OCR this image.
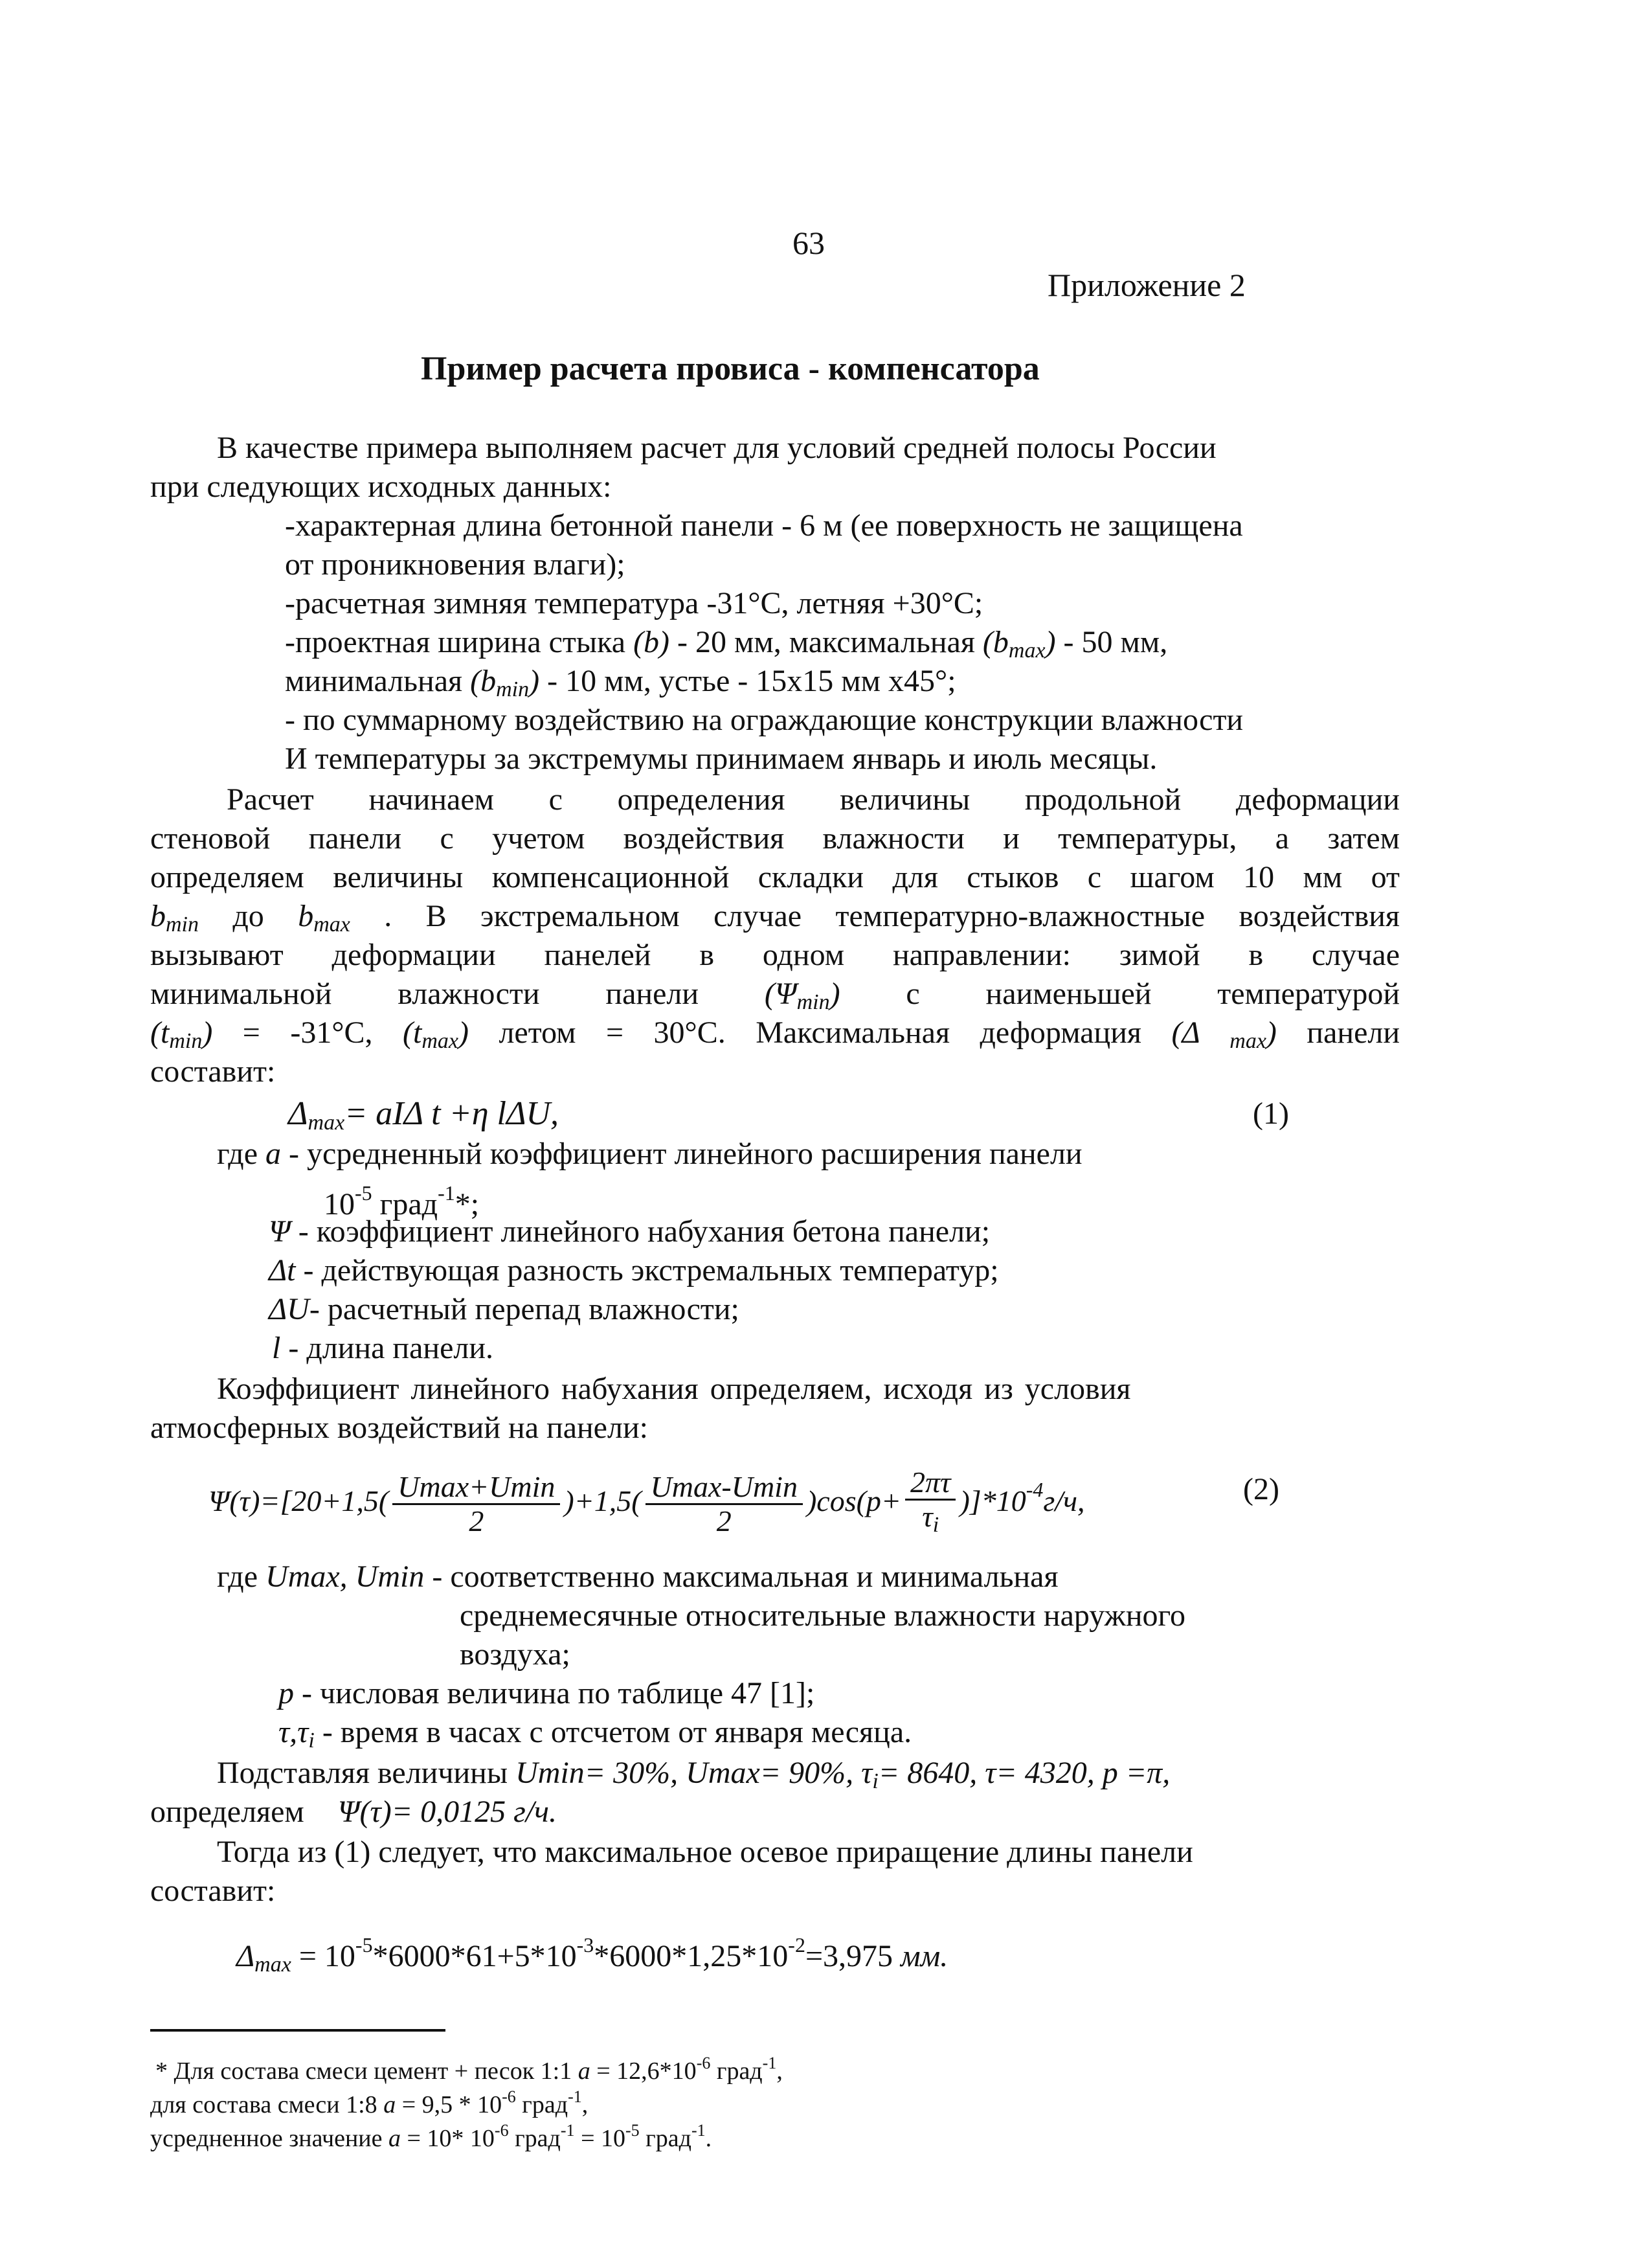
63
Приложение 2
Пример расчета провиса - компенсатора
В качестве примера выполняем расчет для условий средней полосы России
при следующих исходных данных:
-характерная длина бетонной панели - 6 м (ее поверхность не защищена
от проникновения влаги);
-расчетная зимняя температура -31°С, летняя +30°С;
-проектная ширина стыка (b) - 20 мм, максимальная $(b_{max}) - 50$ мм,
минимальная $(b_{min}) - 10$ мм, устье - 15х15 мм х45°;
- по суммарному воздействию на ограждающие конструкции влажности
И температуры за экстремумы принимаем январь и июль месяцы.
Расчет начинаем с определения величины продольной деформации
стеновой панели с учетом воздействия влажности и температуры, а затем
определяем величины компенсационной складки для стыков с шагом 10 мм от
$b_{min}$ до $b_{max}$ . В экстремальном случае температурно-влажностные воздействия
вызывают деформации панелей в одном направлении: зимой в случае
минимальной влажности панели $(\Psi_{min})$ с наименьшей температурой
$(t_{min}) = -31^\circ С$, $(t_{max})$ летом = 30°С. Максимальная деформация (Δ $_{max}$) панели
составит:
$\Delta_{max}= aI\Delta$ t +η lΔU,	(1)
где a - усредненный коэффициент линейного расширения панели
$10^{-5}$ град$^{-1}$*;
Ψ - коэффициент линейного набухания бетона панели;
Δt - действующая разность экстремальных температур;
ΔU- расчетный перепад влажности;
l - длина панели.
Коэффициент линейного набухания определяем, исходя из условия
атмосферных воздействий на панели:
$\Psi(\tau)=[20+1,5( \frac{Umax+Umin}{2} )+1,5( \frac{Umax-Umin}{2} )\cos(p+ \frac{2\pi\tau}{\tau_i} )]*10^{-4}г/ч$,	(2)
где Umax, Umin - соответственно максимальная и минимальная
среднемесячные относительные влажности наружного
воздуха;
p - числовая величина по таблице 47 [1];
$\tau,\tau_i$ - время в часах с отсчетом от января месяца.
Подставляя величины Umin= 30%, Umax= 90%, $\tau_i= 8640$, τ= 4320, p =π,
определяем Ψ(τ)= 0,0125 г/ч.
Тогда из (1) следует, что максимальное осевое приращение длины панели
составит:
$\Delta_{max} = 10^{-5}*6000*61+5*10^{-3}*6000*1,25*10^{-2}=3,975$ мм.
* Для состава смеси цемент + песок 1:1 $a = 12,6*10^{-6}$ град$^{-1}$,
для состава смеси 1:8 $a = 9,5 * 10^{-6}$ град$^{-1}$,
усредненное значение a = 10* $10^{-6}$ град$^{-1}$ = $10^{-5}$ град$^{-1}$.
